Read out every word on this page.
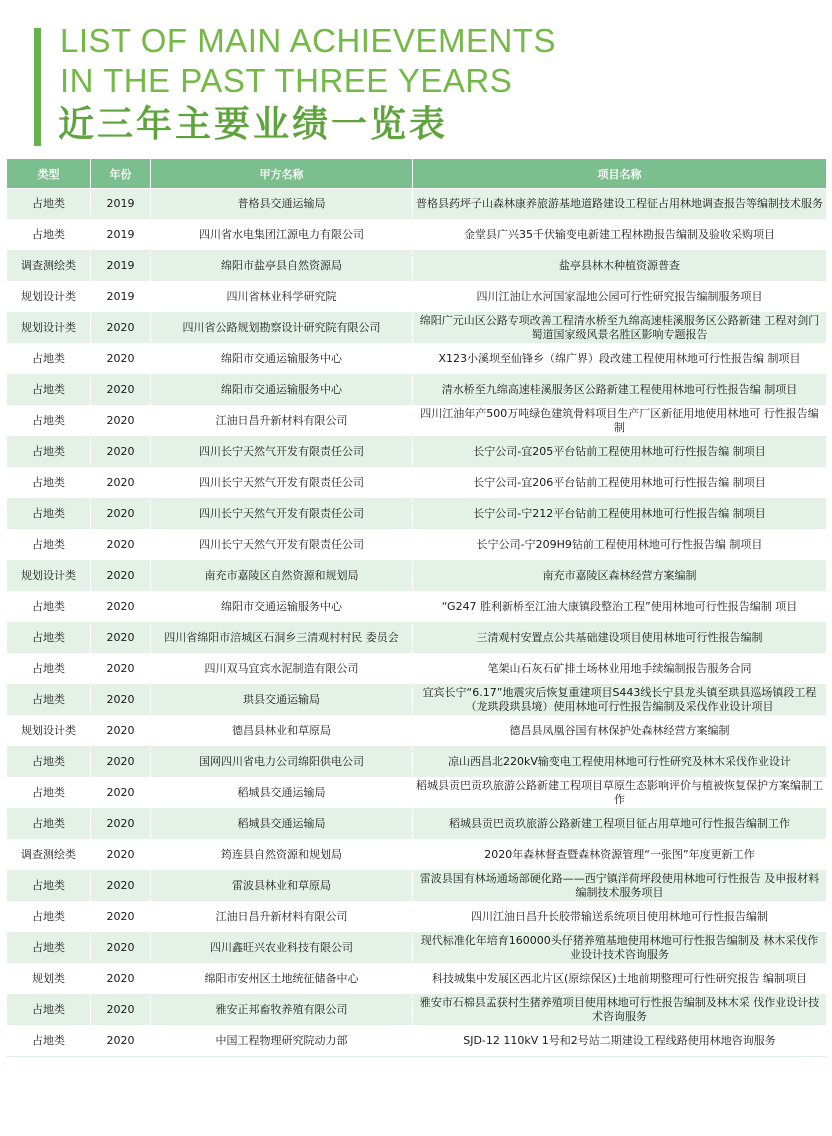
LIST OF MAIN ACHIEVEMENTS
IN THE PAST THREE YEARS
近三年主要业绩一览表
类型	年份	甲方名称	项目名称
占地类	2019	普格县交通运输局	普格县药坪子山森林康养旅游基地道路建设工程征占用林地调查报告等编制技术服务
占地类	2019	四川省水电集团江源电力有限公司	金堂县广兴35千伏输变电新建工程林勘报告编制及验收采购项目
调查测绘类	2019	绵阳市盐亭县自然资源局	盐亭县林木种植资源普查
规划设计类	2019	四川省林业科学研究院	四川江油让水河国家湿地公园可行性研究报告编制服务项目
规划设计类	2020	四川省公路规划勘察设计研究院有限公司	绵阳广元山区公路专项改善工程清水桥至九绵高速桂溪服务区公路新建 工程对剑门蜀道国家级风景名胜区影响专题报告
占地类	2020	绵阳市交通运输服务中心	X123小溪坝至仙锋乡（绵广界）段改建工程使用林地可行性报告编 制项目
占地类	2020	绵阳市交通运输服务中心	清水桥至九绵高速桂溪服务区公路新建工程使用林地可行性报告编 制项目
占地类	2020	江油日昌升新材料有限公司	四川江油年产500万吨绿色建筑骨料项目生产厂区新征用地使用林地可 行性报告编制
占地类	2020	四川长宁天然气开发有限责任公司	长宁公司-宜205平台钻前工程使用林地可行性报告编 制项目
占地类	2020	四川长宁天然气开发有限责任公司	长宁公司-宜206平台钻前工程使用林地可行性报告编 制项目
占地类	2020	四川长宁天然气开发有限责任公司	长宁公司-宁212平台钻前工程使用林地可行性报告编 制项目
占地类	2020	四川长宁天然气开发有限责任公司	长宁公司-宁209H9钻前工程使用林地可行性报告编 制项目
规划设计类	2020	南充市嘉陵区自然资源和规划局	南充市嘉陵区森林经营方案编制
占地类	2020	绵阳市交通运输服务中心	“G247 胜利新桥至江油大康镇段整治工程”使用林地可行性报告编制 项目
占地类	2020	四川省绵阳市涪城区石洞乡三清观村村民 委员会	三清观村安置点公共基础建设项目使用林地可行性报告编制
占地类	2020	四川双马宜宾水泥制造有限公司	笔架山石灰石矿排土场林业用地手续编制报告服务合同
占地类	2020	珙县交通运输局	宜宾长宁“6.17”地震灾后恢复重建项目S443线长宁县龙头镇至珙县巡场镇段工程（龙珙段珙县境）使用林地可行性报告编制及采伐作业设计项目
规划设计类	2020	德昌县林业和草原局	德昌县凤凰谷国有林保护处森林经营方案编制
占地类	2020	国网四川省电力公司绵阳供电公司	凉山西昌北220kV输变电工程使用林地可行性研究及林木采伐作业设计
占地类	2020	稻城县交通运输局	稻城县贡巴贡玖旅游公路新建工程项目草原生态影响评价与植被恢复保护方案编制工作
占地类	2020	稻城县交通运输局	稻城县贡巴贡玖旅游公路新建工程项目征占用草地可行性报告编制工作
调查测绘类	2020	筠连县自然资源和规划局	2020年森林督查暨森林资源管理“一张图”年度更新工作
占地类	2020	雷波县林业和草原局	雷波县国有林场通场部硬化路——西宁镇洋荷坪段使用林地可行性报告 及申报材料编制技术服务项目
占地类	2020	江油日昌升新材料有限公司	四川江油日昌升长胶带输送系统项目使用林地可行性报告编制
占地类	2020	四川鑫旺兴农业科技有限公司	现代标准化年培育160000头仔猪养殖基地使用林地可行性报告编制及 林木采伐作业设计技术咨询服务
规划类	2020	绵阳市安州区土地统征储备中心	科技城集中发展区西北片区(原综保区)土地前期整理可行性研究报告 编制项目
占地类	2020	雅安正邦畜牧养殖有限公司	雅安市石棉县孟获村生猪养殖项目使用林地可行性报告编制及林木采 伐作业设计技术咨询服务
占地类	2020	中国工程物理研究院动力部	SJD-12 110kV 1号和2号站二期建设工程线路使用林地咨询服务
